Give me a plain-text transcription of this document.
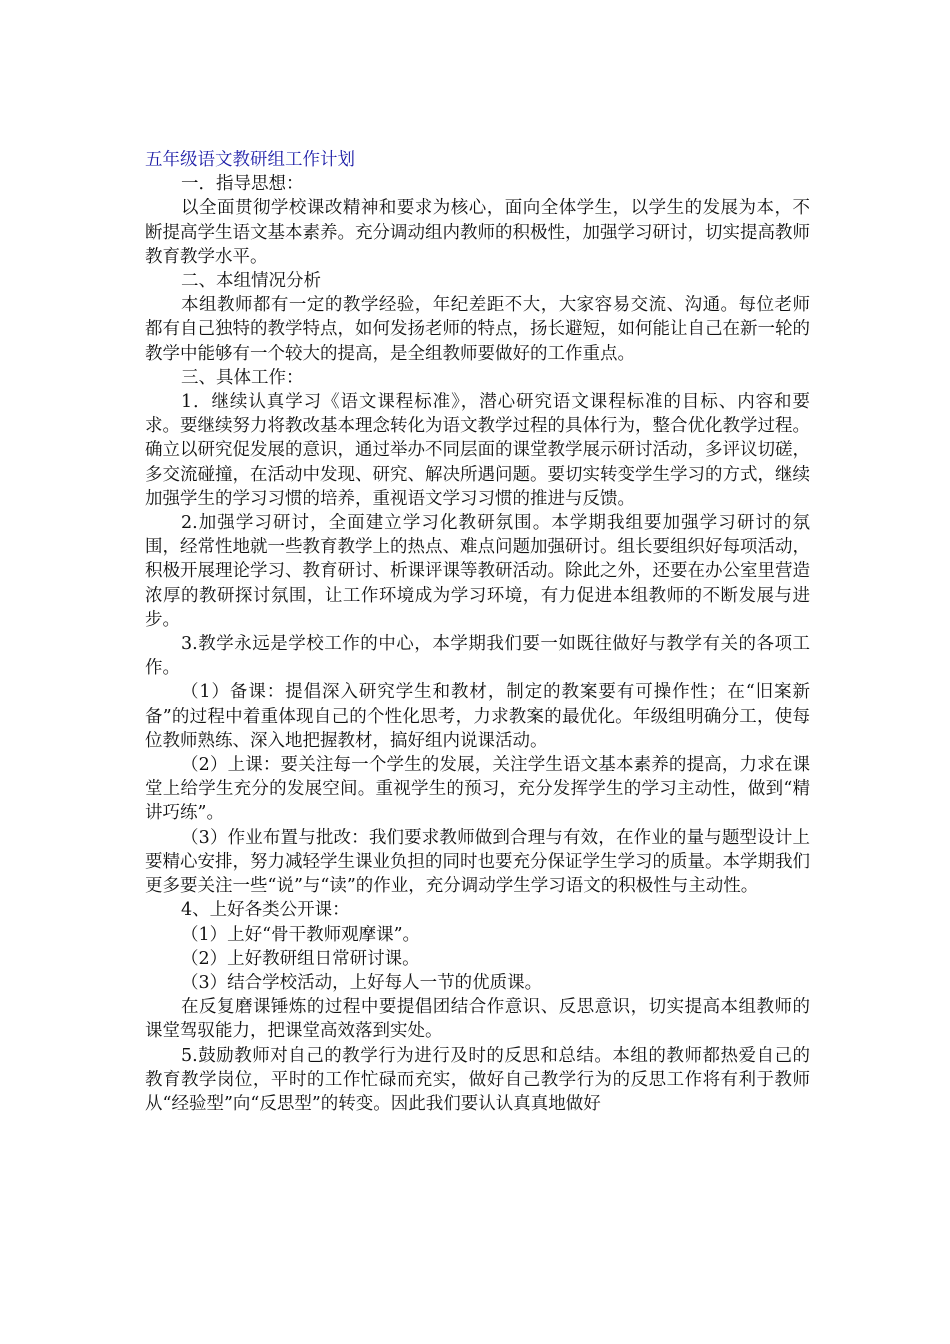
五年级语文教研组工作计划

一．指导思想：

以全面贯彻学校课改精神和要求为核心，面向全体学生，以学生的发展为本，不断提高学生语文基本素养。充分调动组内教师的积极性，加强学习研讨，切实提高教师教育教学水平。

二、本组情况分析

本组教师都有一定的教学经验，年纪差距不大，大家容易交流、沟通。每位老师都有自己独特的教学特点，如何发扬老师的特点，扬长避短，如何能让自己在新一轮的教学中能够有一个较大的提高，是全组教师要做好的工作重点。

三、具体工作：

1．继续认真学习《语文课程标准》，潜心研究语文课程标准的目标、内容和要求。要继续努力将教改基本理念转化为语文教学过程的具体行为，整合优化教学过程。确立以研究促发展的意识，通过举办不同层面的课堂教学展示研讨活动，多评议切磋，多交流碰撞，在活动中发现、研究、解决所遇问题。要切实转变学生学习的方式，继续加强学生的学习习惯的培养，重视语文学习习惯的推进与反馈。

2.加强学习研讨，全面建立学习化教研氛围。本学期我组要加强学习研讨的氛围，经常性地就一些教育教学上的热点、难点问题加强研讨。组长要组织好每项活动，积极开展理论学习、教育研讨、析课评课等教研活动。除此之外，还要在办公室里营造浓厚的教研探讨氛围，让工作环境成为学习环境，有力促进本组教师的不断发展与进步。

3.教学永远是学校工作的中心，本学期我们要一如既往做好与教学有关的各项工作。

（1）备课：提倡深入研究学生和教材，制定的教案要有可操作性；在“旧案新备”的过程中着重体现自己的个性化思考，力求教案的最优化。年级组明确分工，使每位教师熟练、深入地把握教材，搞好组内说课活动。

（2）上课：要关注每一个学生的发展，关注学生语文基本素养的提高，力求在课堂上给学生充分的发展空间。重视学生的预习，充分发挥学生的学习主动性，做到“精讲巧练”。

（3）作业布置与批改：我们要求教师做到合理与有效，在作业的量与题型设计上要精心安排，努力减轻学生课业负担的同时也要充分保证学生学习的质量。本学期我们更多要关注一些“说”与“读”的作业，充分调动学生学习语文的积极性与主动性。

4、上好各类公开课：

（1）上好“骨干教师观摩课”。

（2）上好教研组日常研讨课。

（3）结合学校活动，上好每人一节的优质课。

在反复磨课锤炼的过程中要提倡团结合作意识、反思意识，切实提高本组教师的课堂驾驭能力，把课堂高效落到实处。

5.鼓励教师对自己的教学行为进行及时的反思和总结。本组的教师都热爱自己的教育教学岗位，平时的工作忙碌而充实，做好自己教学行为的反思工作将有利于教师从“经验型”向“反思型”的转变。因此我们要认认真真地做好
